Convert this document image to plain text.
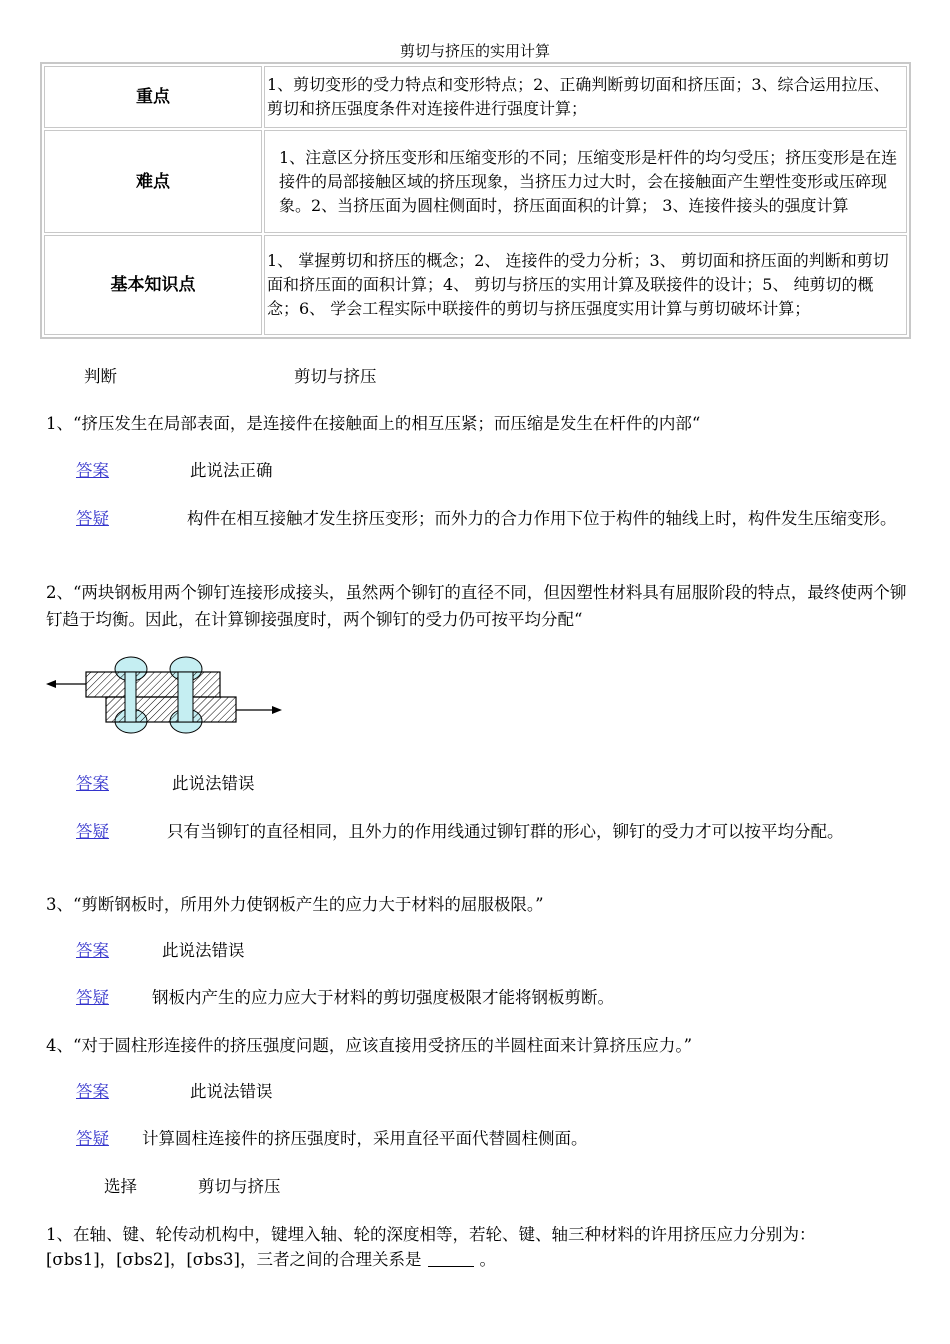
剪切与挤压的实用计算
重点	1、剪切变形的受力特点和变形特点；2、正确判断剪切面和挤压面；3、综合运用拉压、剪切和挤压强度条件对连接件进行强度计算；
难点	1、注意区分挤压变形和压缩变形的不同；压缩变形是杆件的均匀受压；挤压变形是在连接件的局部接触区域的挤压现象，当挤压力过大时，会在接触面产生塑性变形或压碎现象。2、当挤压面为圆柱侧面时，挤压面面积的计算； 3、连接件接头的强度计算
基本知识点	1、 掌握剪切和挤压的概念；2、 连接件的受力分析；3、 剪切面和挤压面的判断和剪切面和挤压面的面积计算；4、 剪切与挤压的实用计算及联接件的设计；5、 纯剪切的概念；6、 学会工程实际中联接件的剪切与挤压强度实用计算与剪切破坏计算；
判断	剪切与挤压
1、“挤压发生在局部表面，是连接件在接触面上的相互压紧；而压缩是发生在杆件的内部“
答案	此说法正确
答疑	构件在相互接触才发生挤压变形；而外力的合力作用下位于构件的轴线上时，构件发生压缩变形。
2、“两块钢板用两个铆钉连接形成接头，虽然两个铆钉的直径不同，但因塑性材料具有屈服阶段的特点，最终使两个铆钉趋于均衡。因此，在计算铆接强度时，两个铆钉的受力仍可按平均分配“
答案	此说法错误
答疑	只有当铆钉的直径相同，且外力的作用线通过铆钉群的形心，铆钉的受力才可以按平均分配。
3、“剪断钢板时，所用外力使钢板产生的应力大于材料的屈服极限。”
答案	此说法错误
答疑	钢板内产生的应力应大于材料的剪切强度极限才能将钢板剪断。
4、“对于圆柱形连接件的挤压强度问题，应该直接用受挤压的半圆柱面来计算挤压应力。”
答案	此说法错误
答疑 计算圆柱连接件的挤压强度时，采用直径平面代替圆柱侧面。
选择	剪切与挤压
1、在轴、键、轮传动机构中，键埋入轴、轮的深度相等，若轮、键、轴三种材料的许用挤压应力分别为：
[σbs1]，[σbs2]，[σbs3]，三者之间的合理关系是	。
